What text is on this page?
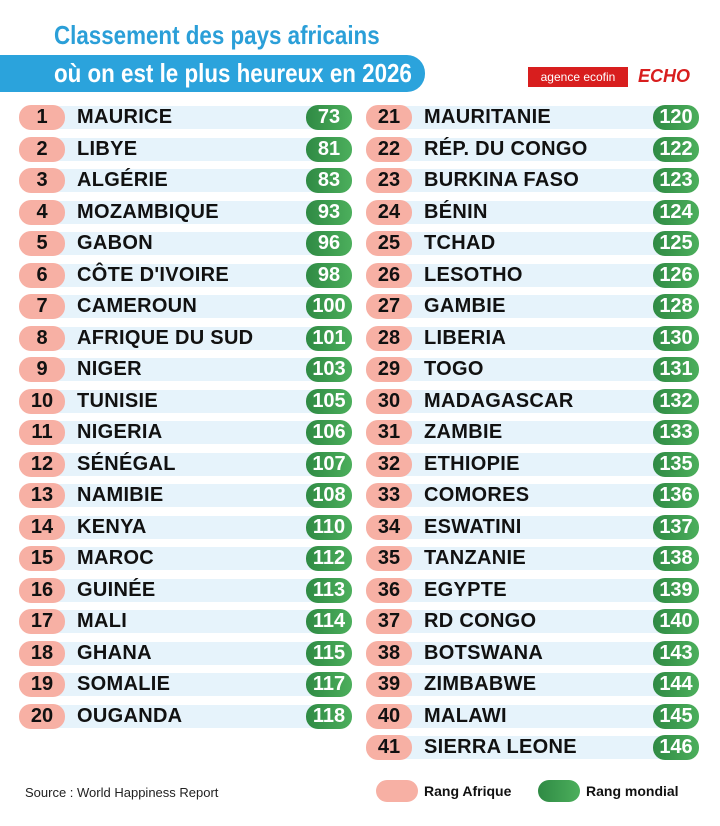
Classement des pays africains
où on est le plus heureux en 2026	agence ecofin	ECHO
1	MAURICE	73
2	LIBYE	81
3	ALGÉRIE	83
4	MOZAMBIQUE	93
5	GABON	96
6	CÔTE D'IVOIRE	98
7	CAMEROUN	100
8	AFRIQUE DU SUD	101
9	NIGER	103
10	TUNISIE	105
11	NIGERIA	106
12	SÉNÉGAL	107
13	NAMIBIE	108
14	KENYA	110
15	MAROC	112
16	GUINÉE	113
17	MALI	114
18	GHANA	115
19	SOMALIE	117
20	OUGANDA	118
21	MAURITANIE	120
22	RÉP. DU CONGO	122
23	BURKINA FASO	123
24	BÉNIN	124
25	TCHAD	125
26	LESOTHO	126
27	GAMBIE	128
28	LIBERIA	130
29	TOGO	131
30	MADAGASCAR	132
31	ZAMBIE	133
32	ETHIOPIE	135
33	COMORES	136
34	ESWATINI	137
35	TANZANIE	138
36	EGYPTE	139
37	RD CONGO	140
38	BOTSWANA	143
39	ZIMBABWE	144
40	MALAWI	145
41	SIERRA LEONE	146
Source : World Happiness Report	Rang Afrique	Rang mondial
